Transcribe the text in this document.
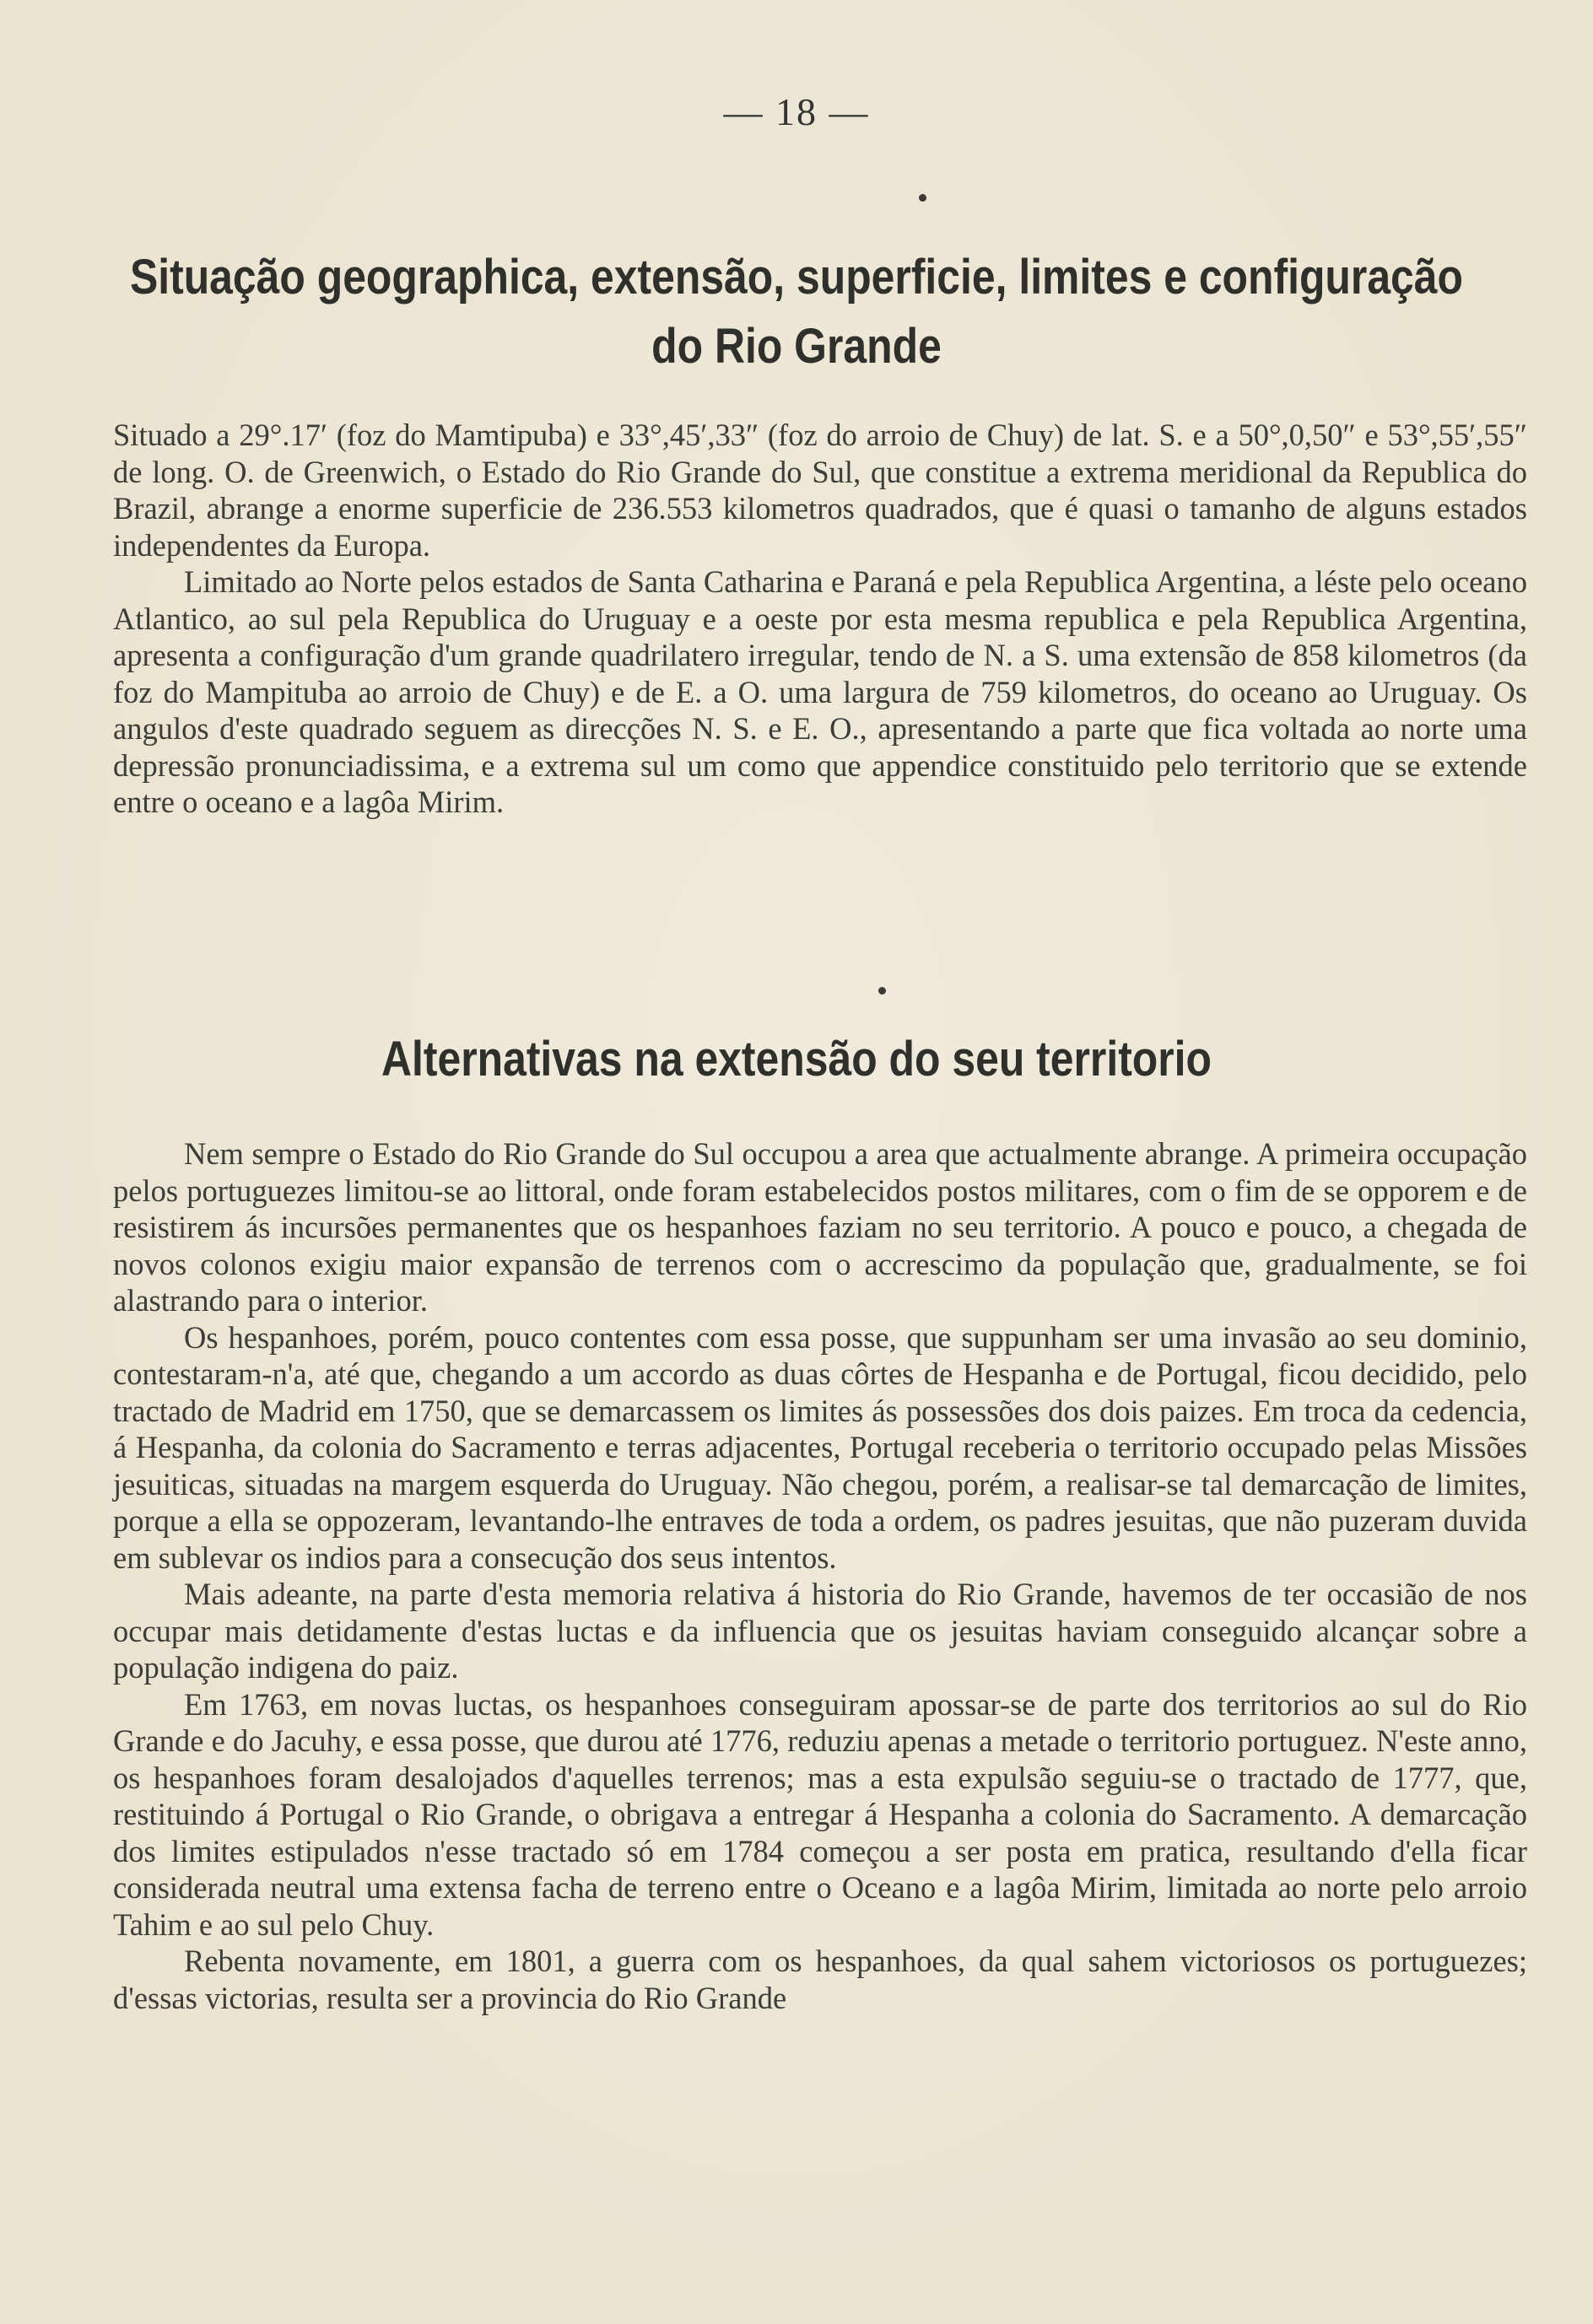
— 18 —
Situação geographica, extensão, superficie, limites e configuração
do Rio Grande

Situado a 29°.17′ (foz do Mamtipuba) e 33°,45′,33″ (foz do arroio de Chuy) de lat. S. e a 50°,0,50″ e 53°,55′,55″ de long. O. de Greenwich, o Estado do Rio Grande do Sul, que constitue a extrema meridional da Republica do Brazil, abrange a enorme superficie de 236.553 kilometros quadrados, que é quasi o tamanho de alguns estados independentes da Europa.

Limitado ao Norte pelos estados de Santa Catharina e Paraná e pela Republica Argentina, a léste pelo oceano Atlantico, ao sul pela Republica do Uruguay e a oeste por esta mesma republica e pela Republica Argentina, apresenta a configuração d'um grande quadrilatero irregular, tendo de N. a S. uma extensão de 858 kilometros (da foz do Mampituba ao arroio de Chuy) e de E. a O. uma largura de 759 kilometros, do oceano ao Uruguay. Os angulos d'este quadrado seguem as direcções N. S. e E. O., apresentando a parte que fica voltada ao norte uma depressão pronunciadissima, e a extrema sul um como que appendice constituido pelo territorio que se extende entre o oceano e a lagôa Mirim.

Alternativas na extensão do seu territorio

Nem sempre o Estado do Rio Grande do Sul occupou a area que actualmente abrange. A primeira occupação pelos portuguezes limitou-se ao littoral, onde foram estabelecidos postos militares, com o fim de se opporem e de resistirem ás incursões permanentes que os hespanhoes faziam no seu territorio. A pouco e pouco, a chegada de novos colonos exigiu maior expansão de terrenos com o accrescimo da população que, gradualmente, se foi alastrando para o interior.

Os hespanhoes, porém, pouco contentes com essa posse, que suppunham ser uma invasão ao seu dominio, contestaram-n'a, até que, chegando a um accordo as duas côrtes de Hespanha e de Portugal, ficou decidido, pelo tractado de Madrid em 1750, que se demarcassem os limites ás possessões dos dois paizes. Em troca da cedencia, á Hespanha, da colonia do Sacramento e terras adjacentes, Portugal receberia o territorio occupado pelas Missões jesuiticas, situadas na margem esquerda do Uruguay. Não chegou, porém, a realisar-se tal demarcação de limites, porque a ella se oppozeram, levantando-lhe entraves de toda a ordem, os padres jesuitas, que não puzeram duvida em sublevar os indios para a consecução dos seus intentos.

Mais adeante, na parte d'esta memoria relativa á historia do Rio Grande, havemos de ter occasião de nos occupar mais detidamente d'estas luctas e da influencia que os jesuitas haviam conseguido alcançar sobre a população indigena do paiz.

Em 1763, em novas luctas, os hespanhoes conseguiram apossar-se de parte dos territorios ao sul do Rio Grande e do Jacuhy, e essa posse, que durou até 1776, reduziu apenas a metade o territorio portuguez. N'este anno, os hespanhoes foram desalojados d'aquelles terrenos; mas a esta expulsão seguiu-se o tractado de 1777, que, restituindo á Portugal o Rio Grande, o obrigava a entregar á Hespanha a colonia do Sacramento. A demarcação dos limites estipulados n'esse tractado só em 1784 começou a ser posta em pratica, resultando d'ella ficar considerada neutral uma extensa facha de terreno entre o Oceano e a lagôa Mirim, limitada ao norte pelo arroio Tahim e ao sul pelo Chuy.

Rebenta novamente, em 1801, a guerra com os hespanhoes, da qual sahem victoriosos os portuguezes; d'essas victorias, resulta ser a provincia do Rio Grande
